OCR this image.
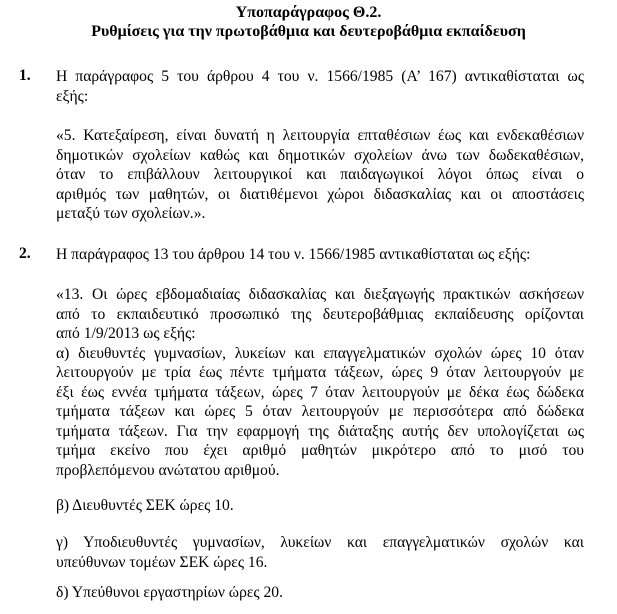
Υποπαράγραφος Θ.2.
Ρυθμίσεις για την πρωτοβάθμια και δευτεροβάθμια εκπαίδευση
1. Η παράγραφος 5 του άρθρου 4 του ν. 1566/1985 (Α’ 167) αντικαθίσταται ως
εξής:
«5. Κατεξαίρεση, είναι δυνατή η λειτουργία επταθέσιων έως και ενδεκαθέσιων
δημοτικών σχολείων καθώς και δημοτικών σχολείων άνω των δωδεκαθέσιων,
όταν το επιβάλλουν λειτουργικοί και παιδαγωγικοί λόγοι όπως είναι ο
αριθμός των μαθητών, οι διατιθέμενοι χώροι διδασκαλίας και οι αποστάσεις
μεταξύ των σχολείων.».
2. Η παράγραφος 13 του άρθρου 14 του ν. 1566/1985 αντικαθίσταται ως εξής:
«13. Οι ώρες εβδομαδιαίας διδασκαλίας και διεξαγωγής πρακτικών ασκήσεων
από το εκπαιδευτικό προσωπικό της δευτεροβάθμιας εκπαίδευσης ορίζονται
από 1/9/2013 ως εξής:
α) διευθυντές γυμνασίων, λυκείων και επαγγελματικών σχολών ώρες 10 όταν
λειτουργούν με τρία έως πέντε τμήματα τάξεων, ώρες 9 όταν λειτουργούν με
έξι έως εννέα τμήματα τάξεων, ώρες 7 όταν λειτουργούν με δέκα έως δώδεκα
τμήματα τάξεων και ώρες 5 όταν λειτουργούν με περισσότερα από δώδεκα
τμήματα τάξεων. Για την εφαρμογή της διάταξης αυτής δεν υπολογίζεται ως
τμήμα εκείνο που έχει αριθμό μαθητών μικρότερο από το μισό του
προβλεπόμενου ανώτατου αριθμού.
β) Διευθυντές ΣΕΚ ώρες 10.
γ) Υποδιευθυντές γυμνασίων, λυκείων και επαγγελματικών σχολών και
υπεύθυνων τομέων ΣΕΚ ώρες 16.
δ) Υπεύθυνοι εργαστηρίων ώρες 20.
